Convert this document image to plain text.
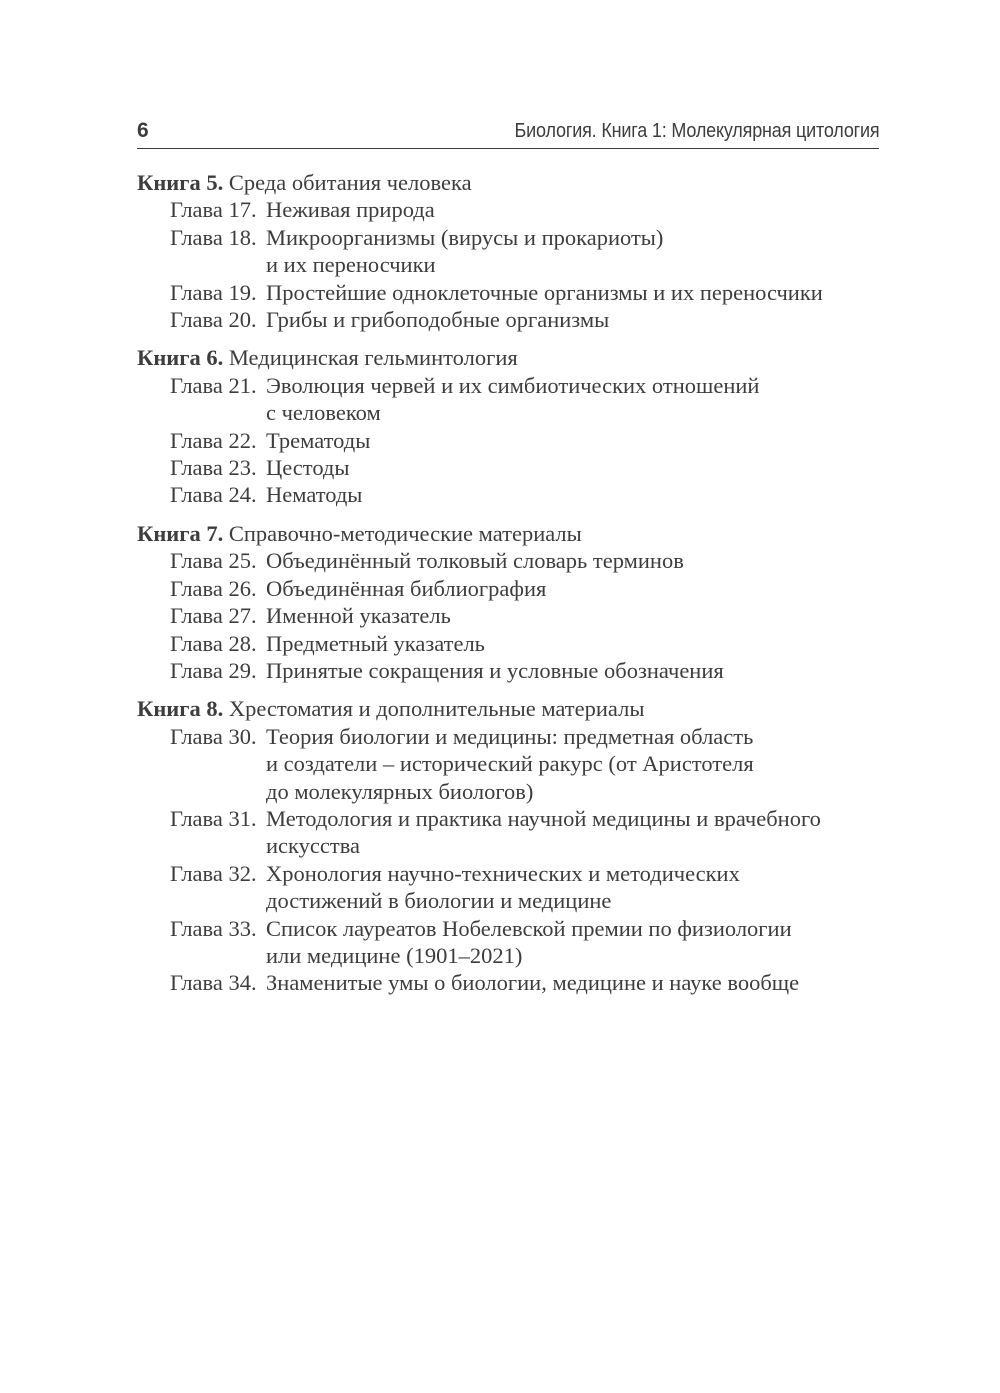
6	Биология. Книга 1: Молекулярная цитология
Книга 5. Среда обитания человека
Глава 17. Неживая природа
Глава 18. Микроорганизмы (вирусы и прокариоты)
и их переносчики
Глава 19. Простейшие одноклеточные организмы и их переносчики
Глава 20. Грибы и грибоподобные организмы
Книга 6. Медицинская гельминтология
Глава 21. Эволюция червей и их симбиотических отношений
с человеком
Глава 22. Трематоды
Глава 23. Цестоды
Глава 24. Нематоды
Книга 7. Справочно-методические материалы
Глава 25. Объединённый толковый словарь терминов
Глава 26. Объединённая библиография
Глава 27. Именной указатель
Глава 28. Предметный указатель
Глава 29. Принятые сокращения и условные обозначения
Книга 8. Хрестоматия и дополнительные материалы
Глава 30. Теория биологии и медицины: предметная область
и создатели – исторический ракурс (от Аристотеля
до молекулярных биологов)
Глава 31. Методология и практика научной медицины и врачебного
искусства
Глава 32. Хронология научно-технических и методических
достижений в биологии и медицине
Глава 33. Список лауреатов Нобелевской премии по физиологии
или медицине (1901–2021)
Глава 34. Знаменитые умы о биологии, медицине и науке вообще
